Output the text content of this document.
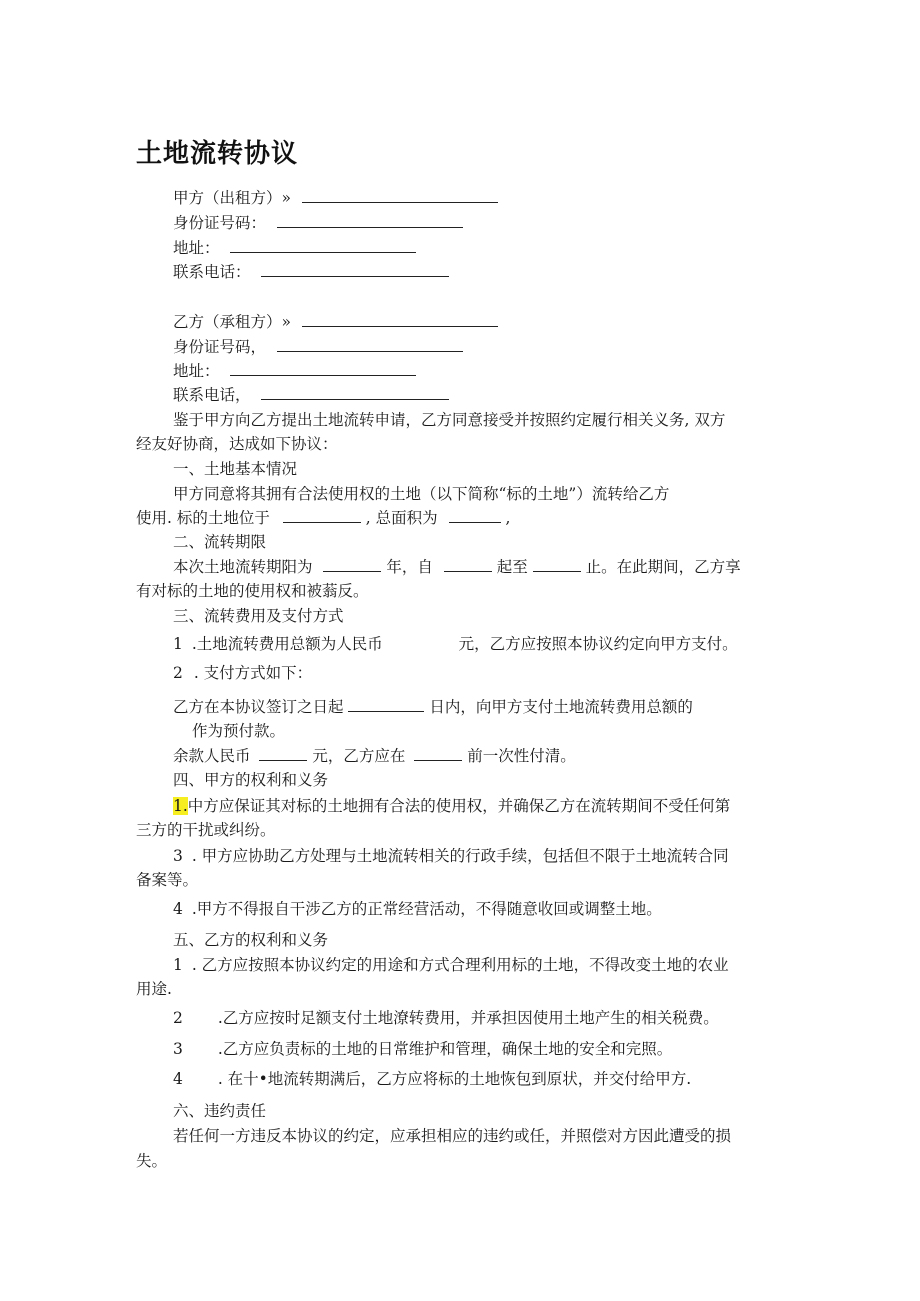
土地流转协议
甲方（出租方）»
身份证号码：
地址：
联系电话：
乙方（承租方）»
身份证号码，
地址：
联系电话，
鉴于甲方向乙方提出土地流转申请，乙方同意接受并按照约定履行相关义务, 双方
经友好协商，达成如下协议：
一、土地基本情况
甲方同意将其拥有合法使用权的土地（以下简称“标的土地”）流转给乙方
使用. 标的土地位于	, 总面积为	,
二、流转期限
本次土地流转期阳为	年，自	起至	止。在此期间，乙方享
有对标的土地的使用权和被蓊反。
三、流转费用及支付方式
1 .土地流转费用总额为人民币	元，乙方应按照本协议约定向甲方支付。
2 . 支付方式如下：
乙方在本协议签订之日起	日内，向甲方支付土地流转费用总额的
作为预付款。
余款人民币	元，乙方应在	前一次性付清。
四、甲方的权利和义务
1.中方应保证其对标的土地拥有合法的使用权，并确保乙方在流转期间不受任何第
三方的干扰或纠纷。
3 . 甲方应协助乙方处理与土地流转相关的行政手续，包括但不限于土地流转合同
备案等。
4 .甲方不得报自干涉乙方的正常经营活动，不得随意收回或调整土地。
五、乙方的权利和义务
1 . 乙方应按照本协议约定的用途和方式合理利用标的土地，不得改变土地的农业
用途.
2 .乙方应按时足额支付土地潦转费用，并承担因使用土地产生的相关税费。
3 .乙方应负责标的土地的日常维护和管理，确保土地的安全和完照。
4 . 在十•地流转期满后，乙方应将标的土地恢包到原状，并交付给甲方.
六、违约责任
若任何一方违反本协议的约定，应承担相应的违约或任，并照偿对方因此遭受的损
失。
